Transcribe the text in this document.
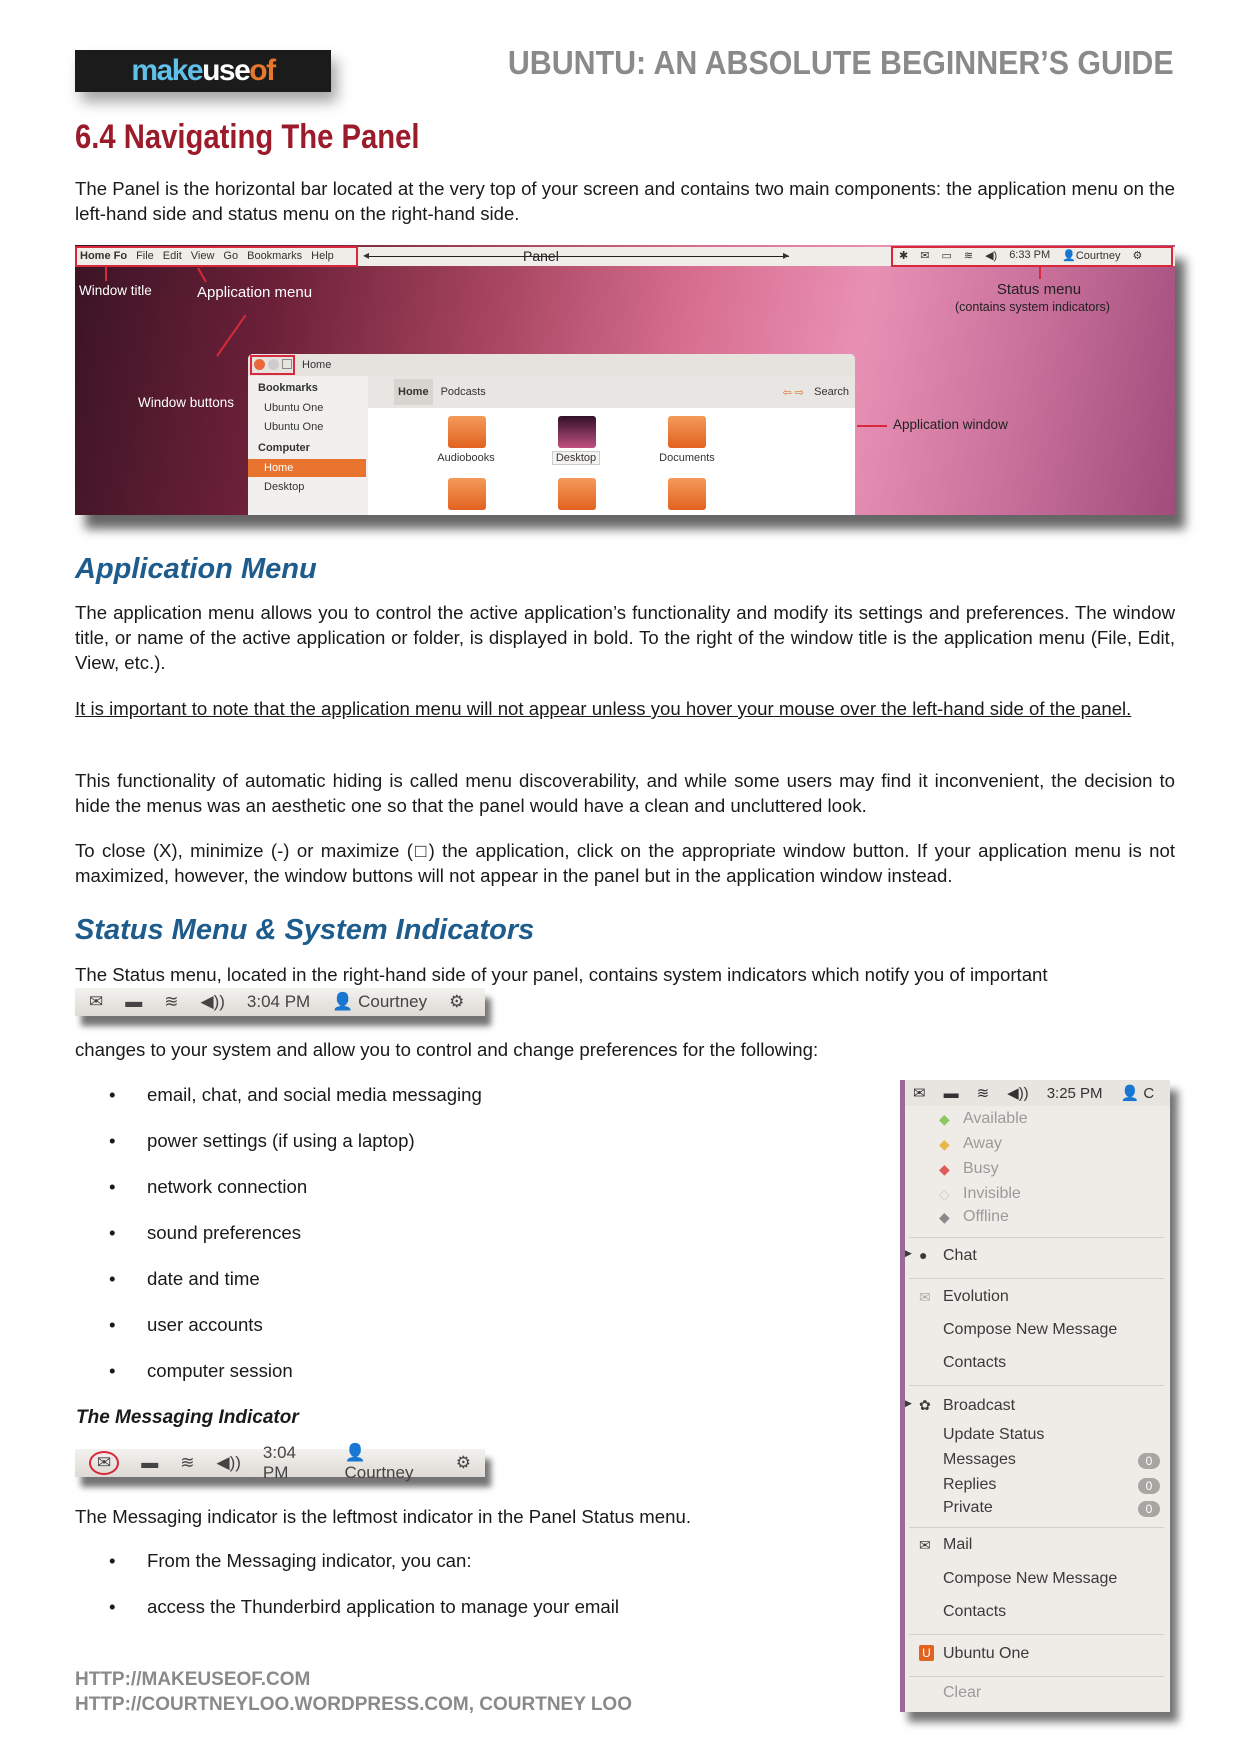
make use of	UBUNTU: AN ABSOLUTE BEGINNER’S GUIDE
6.4 Navigating The Panel

The Panel is the horizontal bar located at the very top of your screen and contains two main components: the application menu on the left-hand side and status menu on the right-hand side.

Home Fo File Edit View Go Bookmarks Help ◂	Panel	▸	✱ ✉ ▭ ≋ ◀) 6:33 PM 👤Courtney ⚙
Window title	Application menu	Status menu
(contains system indicators)
Window buttons
Home
Bookmarks
Ubuntu One
Ubuntu One
Computer
Home
Desktop
Home	Podcasts	⇦ ⇨ Search
Audiobooks	Desktop	Documents
Application window
Application Menu

The application menu allows you to control the active application’s functionality and modify its settings and preferences. The window title, or name of the active application or folder, is displayed in bold. To the right of the window title is the application menu (File, Edit, View, etc.).

It is important to note that the application menu will not appear unless you hover your mouse over the left-hand side of the panel.

This functionality of automatic hiding is called menu discoverability, and while some users may find it inconvenient, the decision to hide the menus was an aesthetic one so that the panel would have a clean and uncluttered look.

To close (X), minimize (-) or maximize (□) the application, click on the appropriate window button. If your application menu is not maximized, however, the window buttons will not appear in the panel but in the application window instead.

Status Menu & System Indicators

The Status menu, located in the right-hand side of your panel, contains system indicators which notify you of important

✉ ▬ ≋ ◀)) 3:04 PM 👤 Courtney ⚙

changes to your system and allow you to control and change preferences for the following:

• email, chat, and social media messaging
• power settings (if using a laptop)
• network connection
• sound preferences
• date and time
• user accounts
• computer session
The Messaging Indicator
✉	▬ ≋ ◀))
3:04 PM
👤 Courtney
⚙

The Messaging indicator is the leftmost indicator in the Panel Status menu.

• From the Messaging indicator, you can:
• access the Thunderbird application to manage your email
✉ ▬ ≋ ◀)) 3:25 PM 👤 C
◆ Available
◆ Away
◆ Busy
◇ Invisible
◆ Offline
▶ ● Chat
✉ Evolution
Compose New Message
Contacts
▶ ✿ Broadcast
Update Status
Messages	0
Replies	0
Private	0
✉ Mail
Compose New Message
Contacts
U Ubuntu One
Clear
HTTP://MAKEUSEOF.COM
HTTP://COURTNEYLOO.WORDPRESS.COM, COURTNEY LOO
